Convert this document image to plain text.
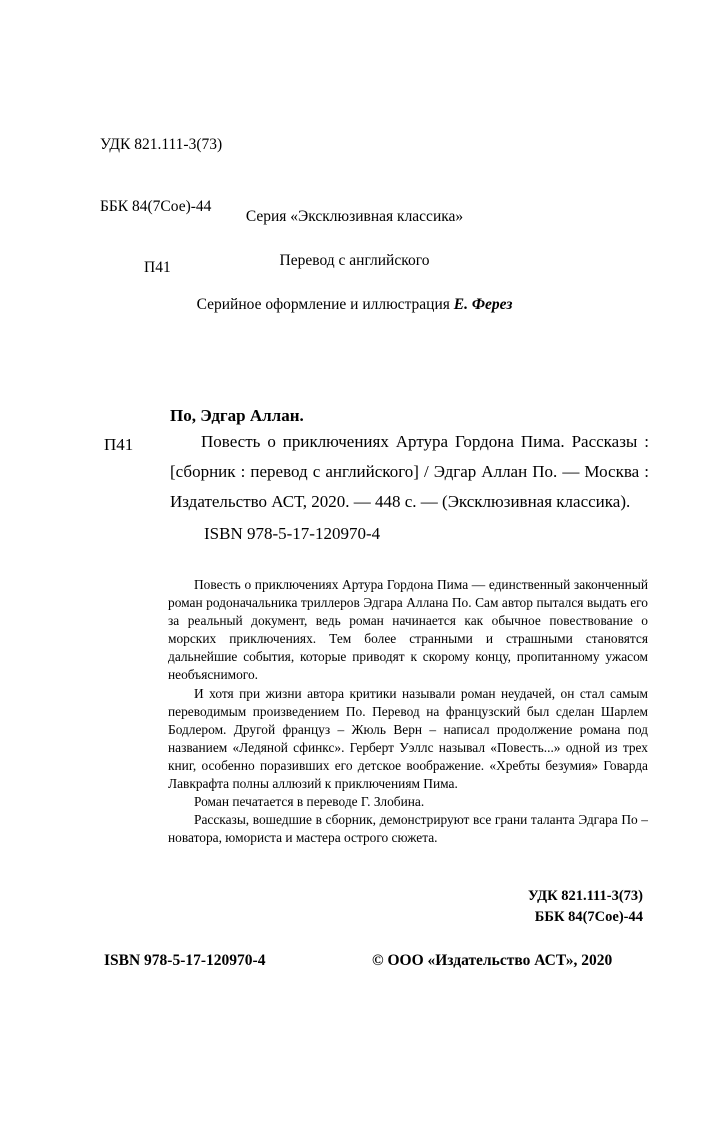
УДК 821.111-3(73)

ББК 84(7Сое)-44

П41

Серия «Эксклюзивная классика»
Перевод с английского
Серийное оформление и иллюстрация Е. Ферез
По, Эдгар Аллан.
П41	Повесть о приключениях Артура Гордона Пима. Рассказы : [сборник : перевод с английского] / Эдгар Аллан По. — Москва : Издательство АСТ, 2020. — 448 с. — (Эксклюзивная классика).
ISBN 978-5-17-120970-4

Повесть о приключениях Артура Гордона Пима — единственный законченный роман родоначальника триллеров Эдгара Аллана По. Сам автор пытался выдать его за реальный документ, ведь роман начинается как обычное повествование о морских приключениях. Тем более странными и страшными становятся дальнейшие события, которые приводят к скорому концу, пропитанному ужасом необъяснимого.

И хотя при жизни автора критики называли роман неудачей, он стал самым переводимым произведением По. Перевод на французский был сделан Шарлем Бодлером. Другой француз – Жюль Верн – написал продолжение романа под названием «Ледяной сфинкс». Герберт Уэллс называл «Повесть...» одной из трех книг, особенно поразивших его детское воображение. «Хребты безумия» Говарда Лавкрафта полны аллюзий к приключениям Пима.

Роман печатается в переводе Г. Злобина.

Рассказы, вошедшие в сборник, демонстрируют все грани таланта Эдгара По – новатора, юмориста и мастера острого сюжета.

УДК 821.111-3(73)
ББК 84(7Сое)-44
ISBN 978-5-17-120970-4	© ООО «Издательство АСТ», 2020
